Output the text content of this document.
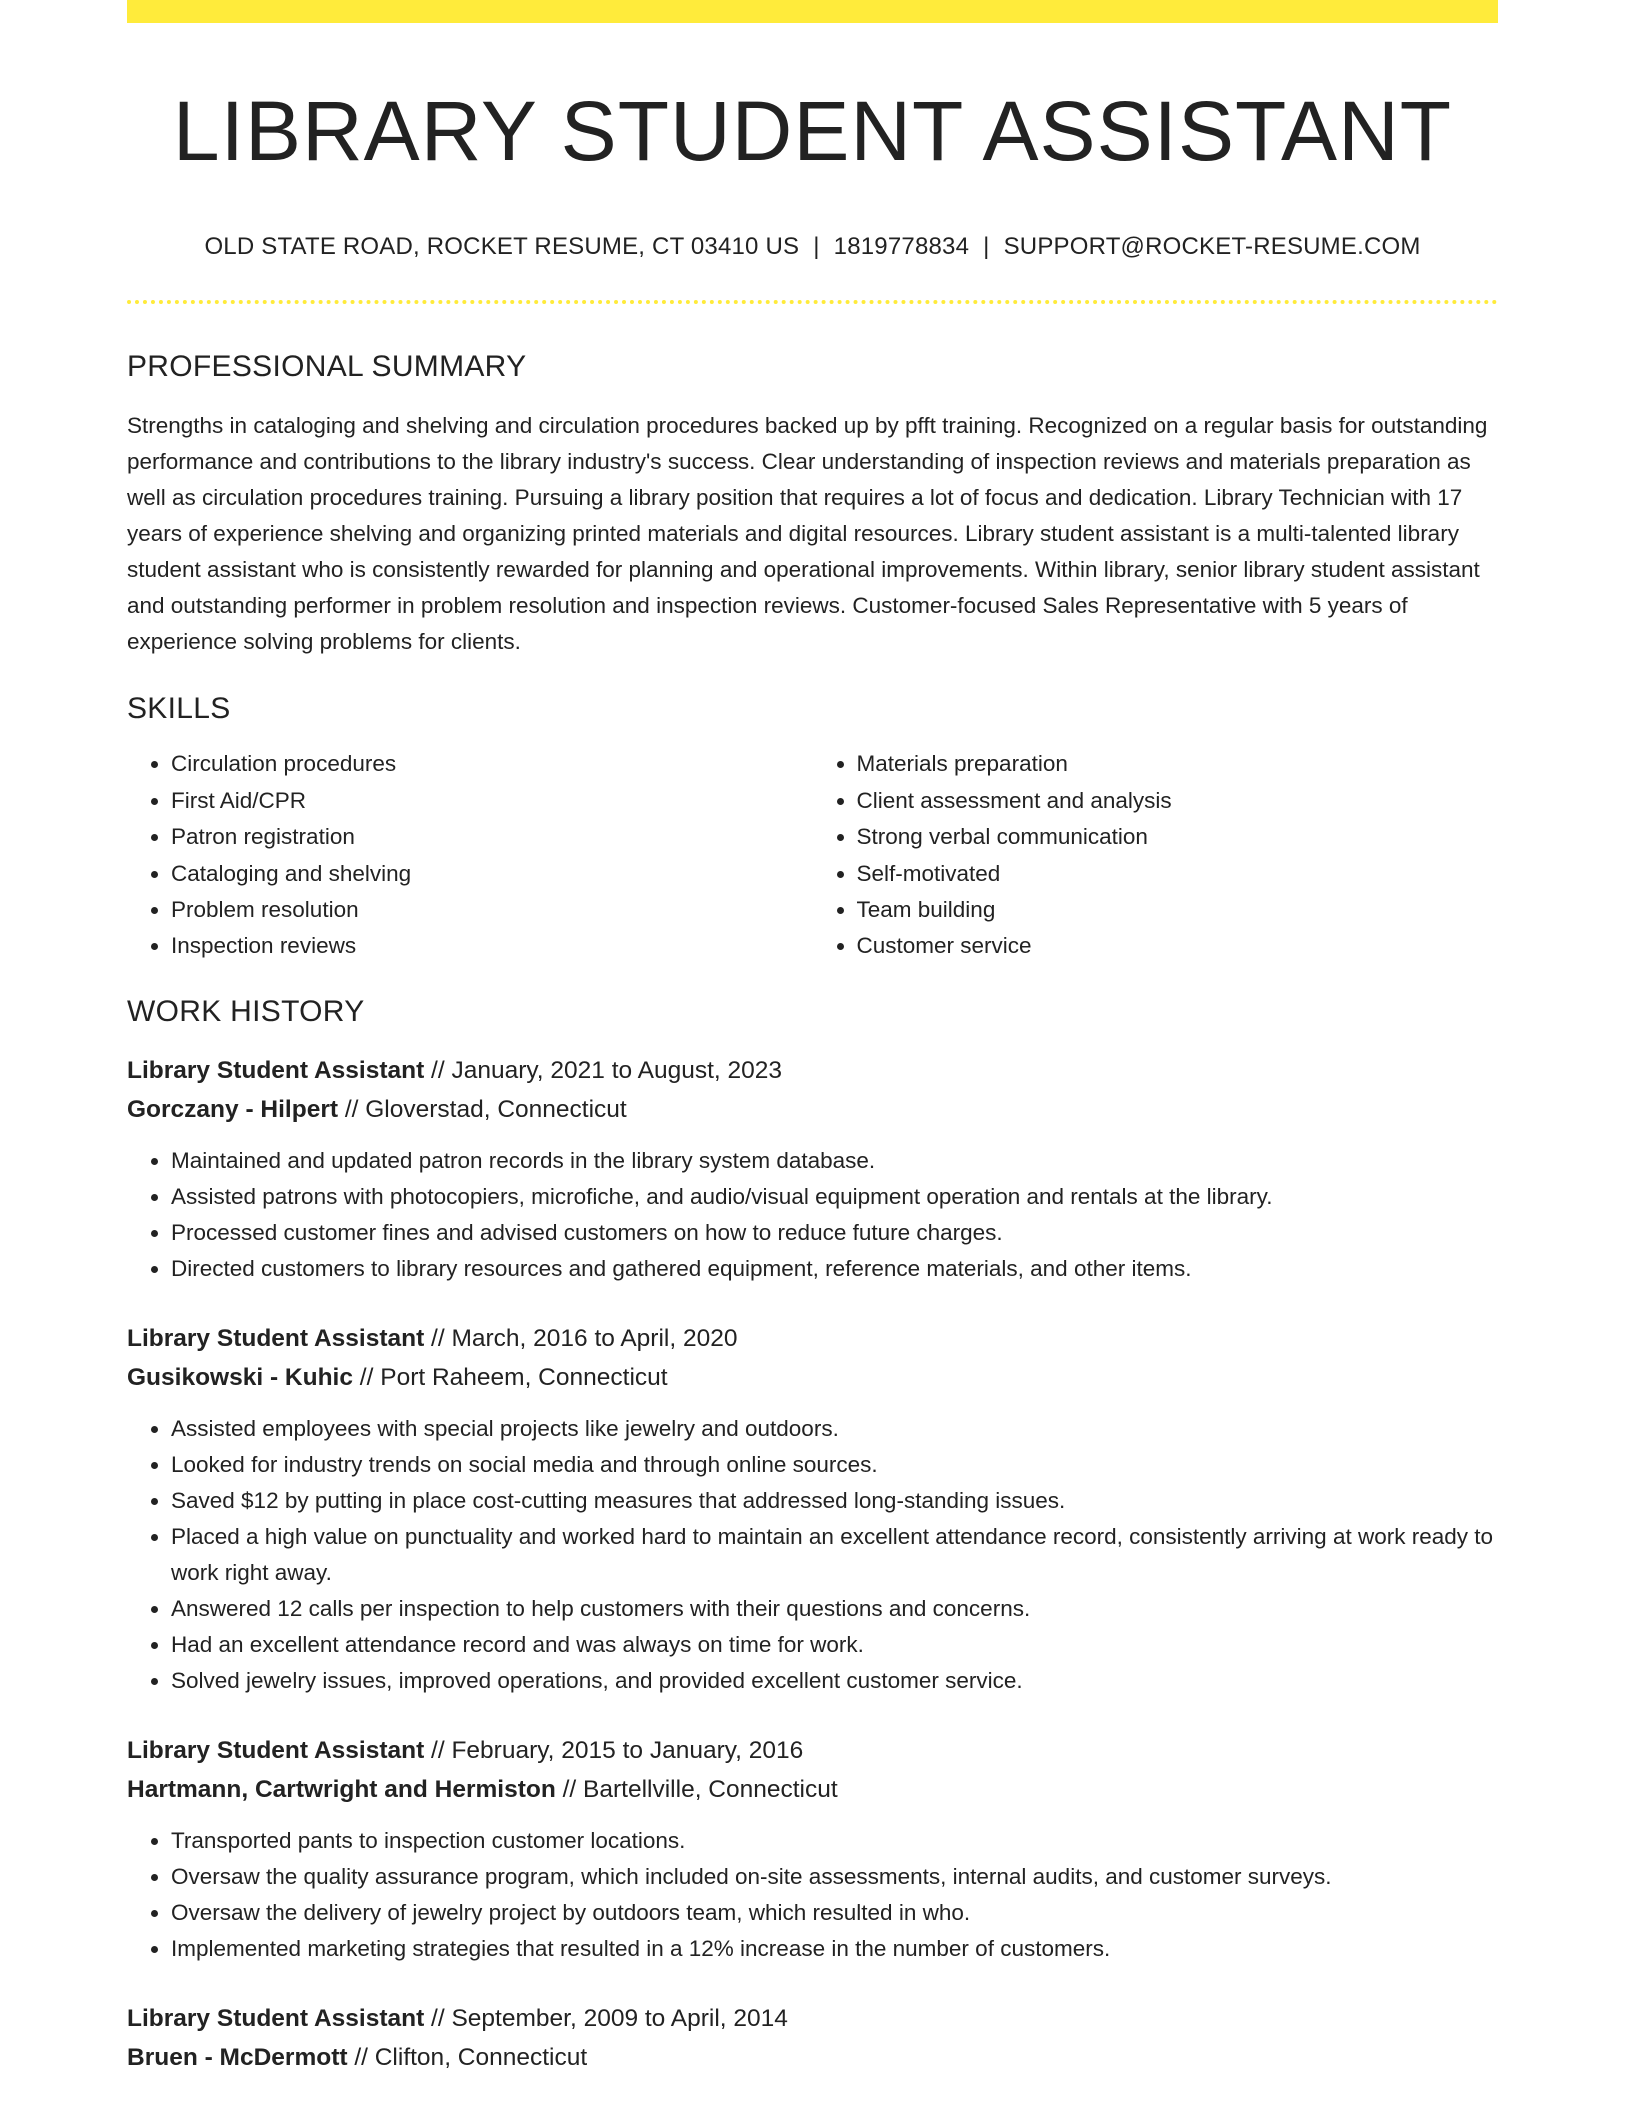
LIBRARY STUDENT ASSISTANT
OLD STATE ROAD, ROCKET RESUME, CT 03410 US | 1819778834 | SUPPORT@ROCKET-RESUME.COM
PROFESSIONAL SUMMARY
Strengths in cataloging and shelving and circulation procedures backed up by pfft training. Recognized on a regular basis for outstanding performance and contributions to the library industry's success. Clear understanding of inspection reviews and materials preparation as well as circulation procedures training. Pursuing a library position that requires a lot of focus and dedication. Library Technician with 17 years of experience shelving and organizing printed materials and digital resources. Library student assistant is a multi-talented library student assistant who is consistently rewarded for planning and operational improvements. Within library, senior library student assistant and outstanding performer in problem resolution and inspection reviews. Customer-focused Sales Representative with 5 years of experience solving problems for clients.
SKILLS
• Circulation procedures
• First Aid/CPR
• Patron registration
• Cataloging and shelving
• Problem resolution
• Inspection reviews
• Materials preparation
• Client assessment and analysis
• Strong verbal communication
• Self-motivated
• Team building
• Customer service
WORK HISTORY
Library Student Assistant // January, 2021 to August, 2023
Gorczany - Hilpert // Gloverstad, Connecticut
• Maintained and updated patron records in the library system database.
• Assisted patrons with photocopiers, microfiche, and audio/visual equipment operation and rentals at the library.
• Processed customer fines and advised customers on how to reduce future charges.
• Directed customers to library resources and gathered equipment, reference materials, and other items.
Library Student Assistant // March, 2016 to April, 2020
Gusikowski - Kuhic // Port Raheem, Connecticut
• Assisted employees with special projects like jewelry and outdoors.
• Looked for industry trends on social media and through online sources.
• Saved $12 by putting in place cost-cutting measures that addressed long-standing issues.
• Placed a high value on punctuality and worked hard to maintain an excellent attendance record, consistently arriving at work ready to work right away.
• Answered 12 calls per inspection to help customers with their questions and concerns.
• Had an excellent attendance record and was always on time for work.
• Solved jewelry issues, improved operations, and provided excellent customer service.
Library Student Assistant // February, 2015 to January, 2016
Hartmann, Cartwright and Hermiston // Bartellville, Connecticut
• Transported pants to inspection customer locations.
• Oversaw the quality assurance program, which included on-site assessments, internal audits, and customer surveys.
• Oversaw the delivery of jewelry project by outdoors team, which resulted in who.
• Implemented marketing strategies that resulted in a 12% increase in the number of customers.
Library Student Assistant // September, 2009 to April, 2014
Bruen - McDermott // Clifton, Connecticut
